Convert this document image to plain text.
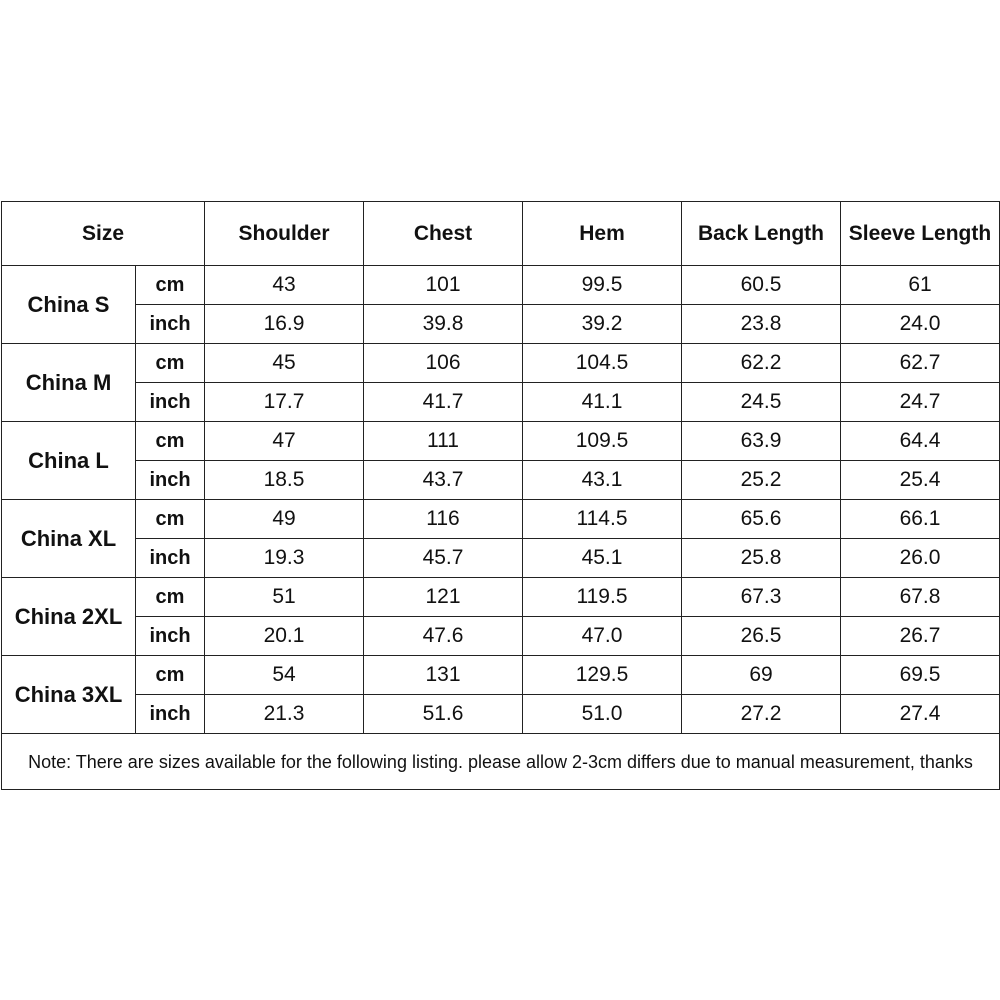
Size		Shoulder	Chest	Hem	Back Length	Sleeve Length
China S	cm	43	101	99.5	60.5	61
	inch	16.9	39.8	39.2	23.8	24.0
China M	cm	45	106	104.5	62.2	62.7
	inch	17.7	41.7	41.1	24.5	24.7
China L	cm	47	111	109.5	63.9	64.4
	inch	18.5	43.7	43.1	25.2	25.4
China XL	cm	49	116	114.5	65.6	66.1
	inch	19.3	45.7	45.1	25.8	26.0
China 2XL	cm	51	121	119.5	67.3	67.8
	inch	20.1	47.6	47.0	26.5	26.7
China 3XL	cm	54	131	129.5	69	69.5
	inch	21.3	51.6	51.0	27.2	27.4
Note: There are sizes available for the following listing. please allow 2-3cm differs due to manual measurement, thanks						
